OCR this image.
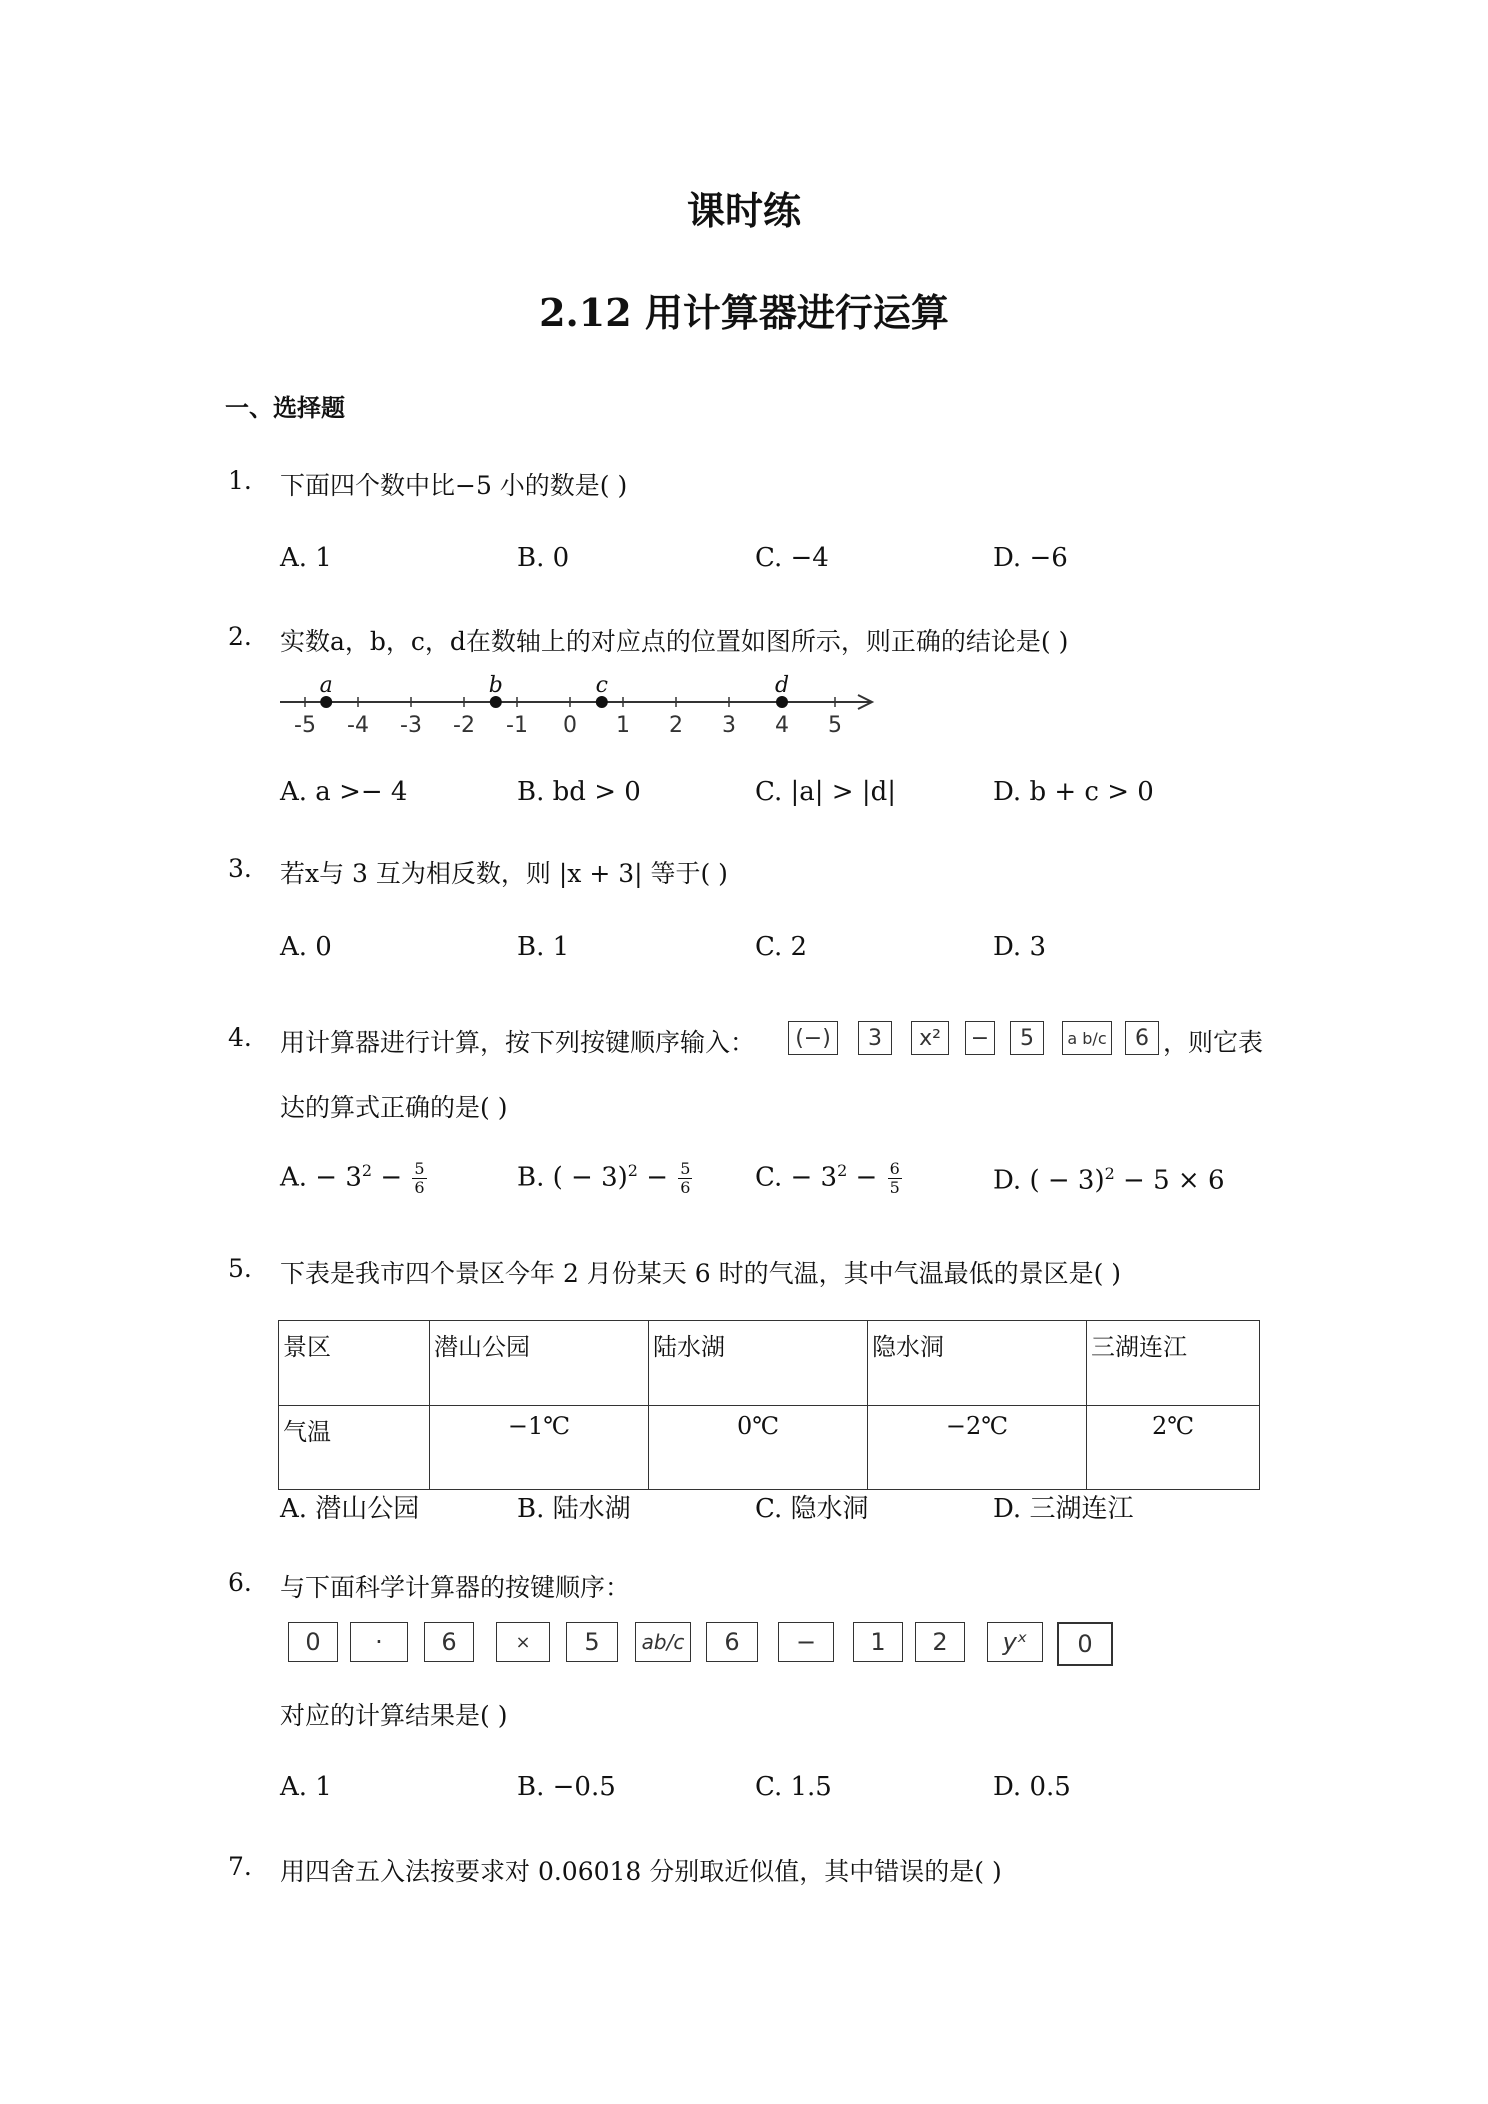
课时练
2.12 用计算器进行运算
一、选择题
1. 下面四个数中比−5 小的数是( )
A. 1	B. 0	C. −4	D. −6
2. 实数a，b，c，d在数轴上的对应点的位置如图所示，则正确的结论是( )
-5 -4 -3 -2 -1 0 1 2 3 4 5
a	b	c	d
A. a >− 4	B. bd > 0	C. |a| > |d|	D. b + c > 0
3. 若x与 3 互为相反数，则 |x + 3| 等于( )
A. 0	B. 1	C. 2	D. 3
4. 用计算器进行计算，按下列按键顺序输入：	(−)	3	x²	−	5	a b/c	6 ，则它表
达的算式正确的是( )
A. − $3^2 - \frac{5}{6}$	B. ( − $3)^2 - \frac{5}{6} C$. − $3^2 - \frac{6}{5}$	D. ( − 3)$^2$ − 5 × 6
5. 下表是我市四个景区今年 2 月份某天 6 时的气温，其中气温最低的景区是( )
景区	潜山公园	陆水湖	隐水洞	三湖连江
气温	−1℃	0℃	−2℃	2℃
A. 潜山公园	B. 陆水湖	C. 隐水洞	D. 三湖连江
6. 与下面科学计算器的按键顺序：
0	·	6	×	5	ab/c	6	−	1	2	yˣ	0
对应的计算结果是( )
A. 1	B. −0.5	C. 1.5	D. 0.5
7. 用四舍五入法按要求对 0.06018 分别取近似值，其中错误的是( )
